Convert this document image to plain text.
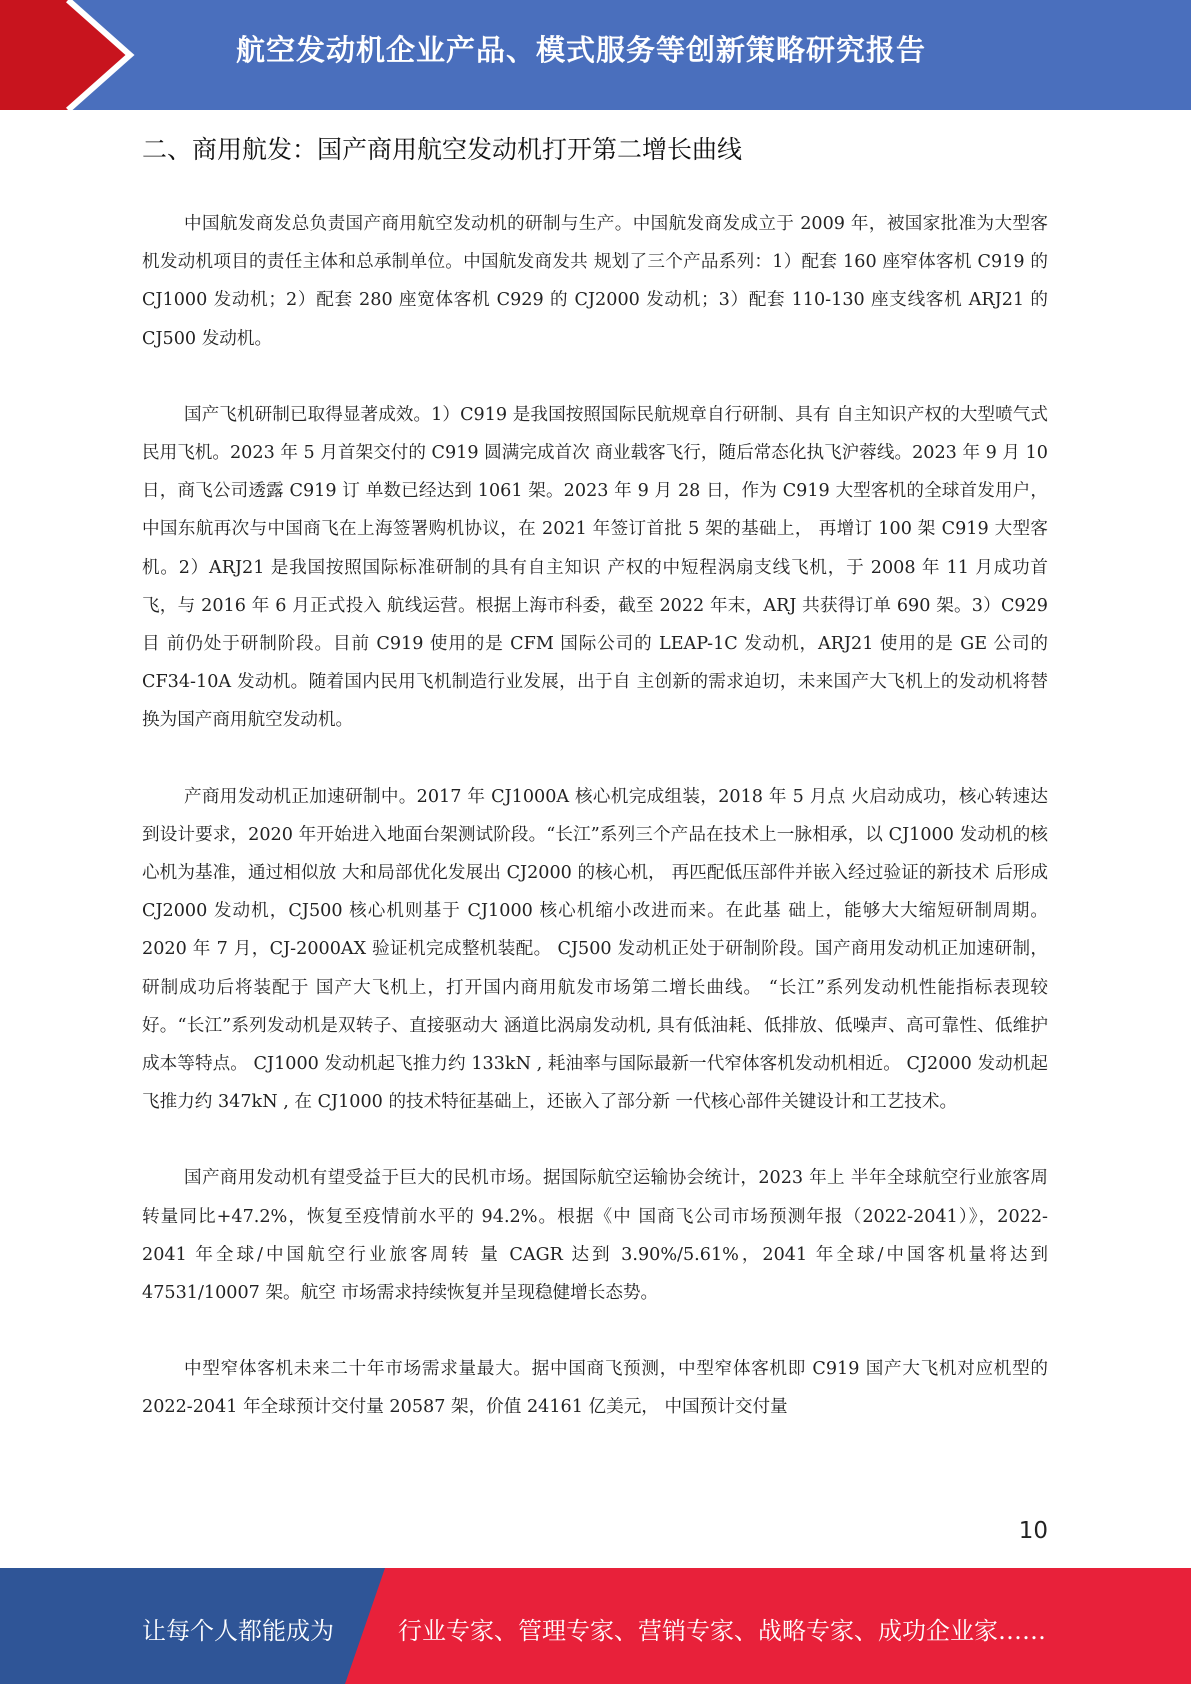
航空发动机企业产品、模式服务等创新策略研究报告
二、商用航发：国产商用航空发动机打开第二增长曲线

中国航发商发总负责国产商用航空发动机的研制与生产。中国航发商发成立于 2009 年，被国家批准为大型客机发动机项目的责任主体和总承制单位。中国航发商发共 规划了三个产品系列：1）配套 160 座窄体客机 C919 的 CJ1000 发动机；2）配套 280 座宽体客机 C929 的 CJ2000 发动机；3）配套 110-130 座支线客机 ARJ21 的 CJ500 发动机。

国产飞机研制已取得显著成效。1）C919 是我国按照国际民航规章自行研制、具有 自主知识产权的大型喷气式民用飞机。2023 年 5 月首架交付的 C919 圆满完成首次 商业载客飞行，随后常态化执飞沪蓉线。2023 年 9 月 10 日，商飞公司透露 C919 订 单数已经达到 1061 架。2023 年 9 月 28 日，作为 C919 大型客机的全球首发用户， 中国东航再次与中国商飞在上海签署购机协议，在 2021 年签订首批 5 架的基础上， 再增订 100 架 C919 大型客机。2）ARJ21 是我国按照国际标准研制的具有自主知识 产权的中短程涡扇支线飞机，于 2008 年 11 月成功首飞，与 2016 年 6 月正式投入 航线运营。根据上海市科委，截至 2022 年末，ARJ 共获得订单 690 架。3）C929 目 前仍处于研制阶段。目前 C919 使用的是 CFM 国际公司的 LEAP-1C 发动机，ARJ21 使用的是 GE 公司的 CF34-10A 发动机。随着国内民用飞机制造行业发展，出于自 主创新的需求迫切，未来国产大飞机上的发动机将替换为国产商用航空发动机。

产商用发动机正加速研制中。2017 年 CJ1000A 核心机完成组装，2018 年 5 月点 火启动成功，核心转速达到设计要求，2020 年开始进入地面台架测试阶段。“长江”系列三个产品在技术上一脉相承，以 CJ1000 发动机的核心机为基准，通过相似放 大和局部优化发展出 CJ2000 的核心机， 再匹配低压部件并嵌入经过验证的新技术 后形成 CJ2000 发动机，CJ500 核心机则基于 CJ1000 核心机缩小改进而来。在此基 础上，能够大大缩短研制周期。2020 年 7 月，CJ-2000AX 验证机完成整机装配。 CJ500 发动机正处于研制阶段。国产商用发动机正加速研制，研制成功后将装配于 国产大飞机上，打开国内商用航发市场第二增长曲线。 “长江”系列发动机性能指标表现较好。“长江”系列发动机是双转子、直接驱动大 涵道比涡扇发动机, 具有低油耗、低排放、低噪声、高可靠性、低维护成本等特点。 CJ1000 发动机起飞推力约 133kN , 耗油率与国际最新一代窄体客机发动机相近。 CJ2000 发动机起飞推力约 347kN , 在 CJ1000 的技术特征基础上，还嵌入了部分新 一代核心部件关键设计和工艺技术。

国产商用发动机有望受益于巨大的民机市场。据国际航空运输协会统计，2023 年上 半年全球航空行业旅客周转量同比+47.2%，恢复至疫情前水平的 94.2%。根据《中 国商飞公司市场预测年报（2022-2041）》，2022-2041 年全球/中国航空行业旅客周转 量 CAGR 达到 3.90%/5.61%，2041 年全球/中国客机量将达到 47531/10007 架。航空 市场需求持续恢复并呈现稳健增长态势。

中型窄体客机未来二十年市场需求量最大。据中国商飞预测，中型窄体客机即 C919 国产大飞机对应机型的 2022-2041 年全球预计交付量 20587 架，价值 24161 亿美元， 中国预计交付量

10
让每个人都能成为	行业专家、管理专家、营销专家、战略专家、成功企业家……
